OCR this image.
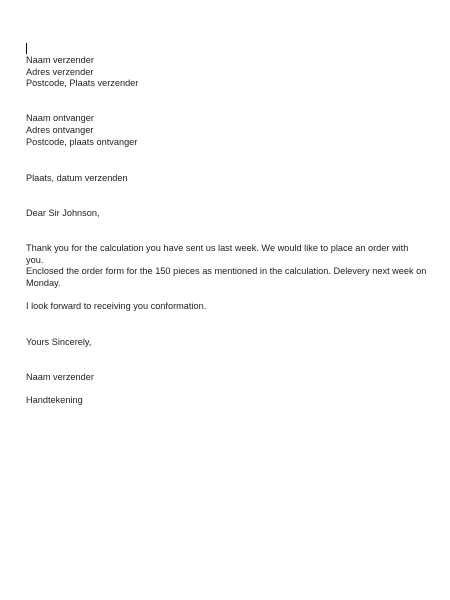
Naam verzender
Adres verzender
Postcode, Plaats verzender
Naam ontvanger
Adres ontvanger
Postcode, plaats ontvanger
Plaats, datum verzenden
Dear Sir Johnson,
Thank you for the calculation you have sent us last week. We would like to place an order with you.
Enclosed the order form for the 150 pieces as mentioned in the calculation. Delevery next week on Monday.
I look forward to receiving you conformation.
Yours Sincerely,
Naam verzender
Handtekening
